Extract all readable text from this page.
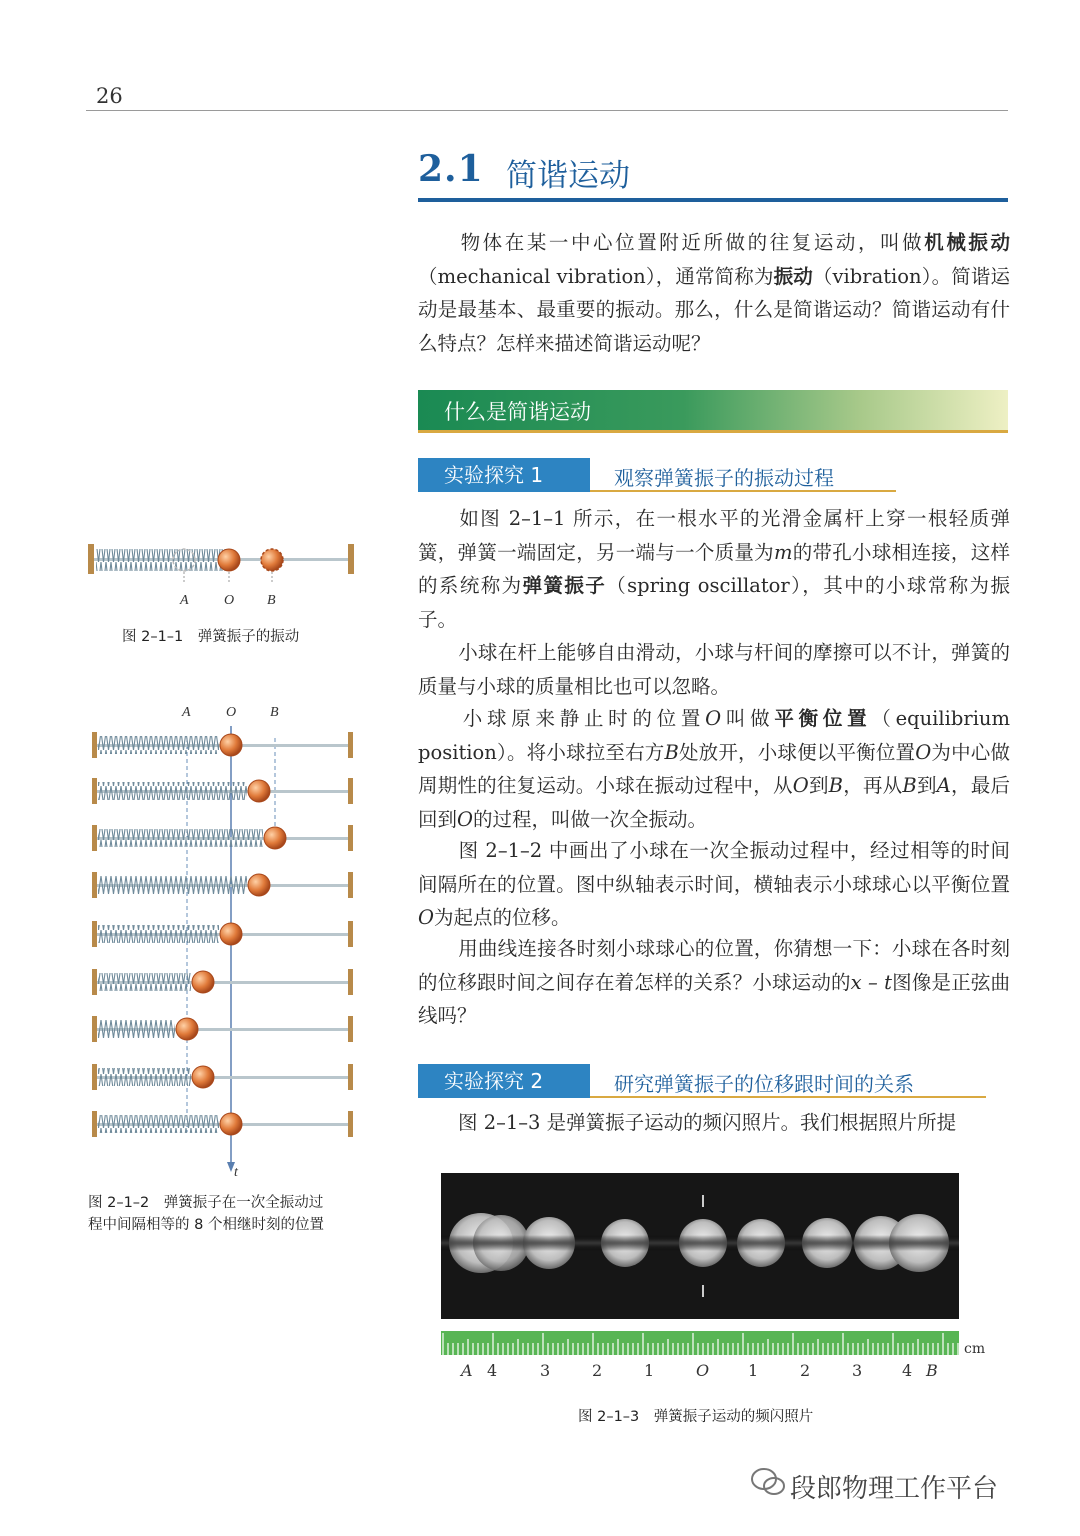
26
2.1 简谐运动
物体在某一中心位置附近所做的往复运动，叫做机械振动（mechanical vibration），通常简称为振动（vibration）。简谐运动是最基本、最重要的振动。那么，什么是简谐运动？简谐运动有什么特点？怎样来描述简谐运动呢？
什么是简谐运动
实验探究 1	观察弹簧振子的振动过程
如图 2–1–1 所示，在一根水平的光滑金属杆上穿一根轻质弹簧，弹簧一端固定，另一端与一个质量为m的带孔小球相连接，这样的系统称为弹簧振子（spring oscillator），其中的小球常称为振子。
小球在杆上能够自由滑动，小球与杆间的摩擦可以不计，弹簧的质量与小球的质量相比也可以忽略。
小球原来静止时的位置O叫做平衡位置（equilibrium position）。将小球拉至右方B处放开，小球便以平衡位置O为中心做周期性的往复运动。小球在振动过程中，从O到B，再从B到A，最后回到O的过程，叫做一次全振动。
图 2–1–2 中画出了小球在一次全振动过程中，经过相等的时间间隔所在的位置。图中纵轴表示时间，横轴表示小球球心以平衡位置O为起点的位移。
用曲线连接各时刻小球球心的位置，你猜想一下：小球在各时刻的位移跟时间之间存在着怎样的关系？小球运动的x – t图像是正弦曲线吗？
实验探究 2	研究弹簧振子的位移跟时间的关系
图 2–1–3 是弹簧振子运动的频闪照片。我们根据照片所提
A	O B
图 2–1–1　 弹簧振子的振动
A	O B
t
图 2–1–2　弹簧振子在一次全振动过
程中间隔相等的 8 个相继时刻的位置
cm
A 4	3	2	1	O 1	2	3 4 B
图 2–1–3　 弹簧振子运动的频闪照片
段郎物理工作平台
